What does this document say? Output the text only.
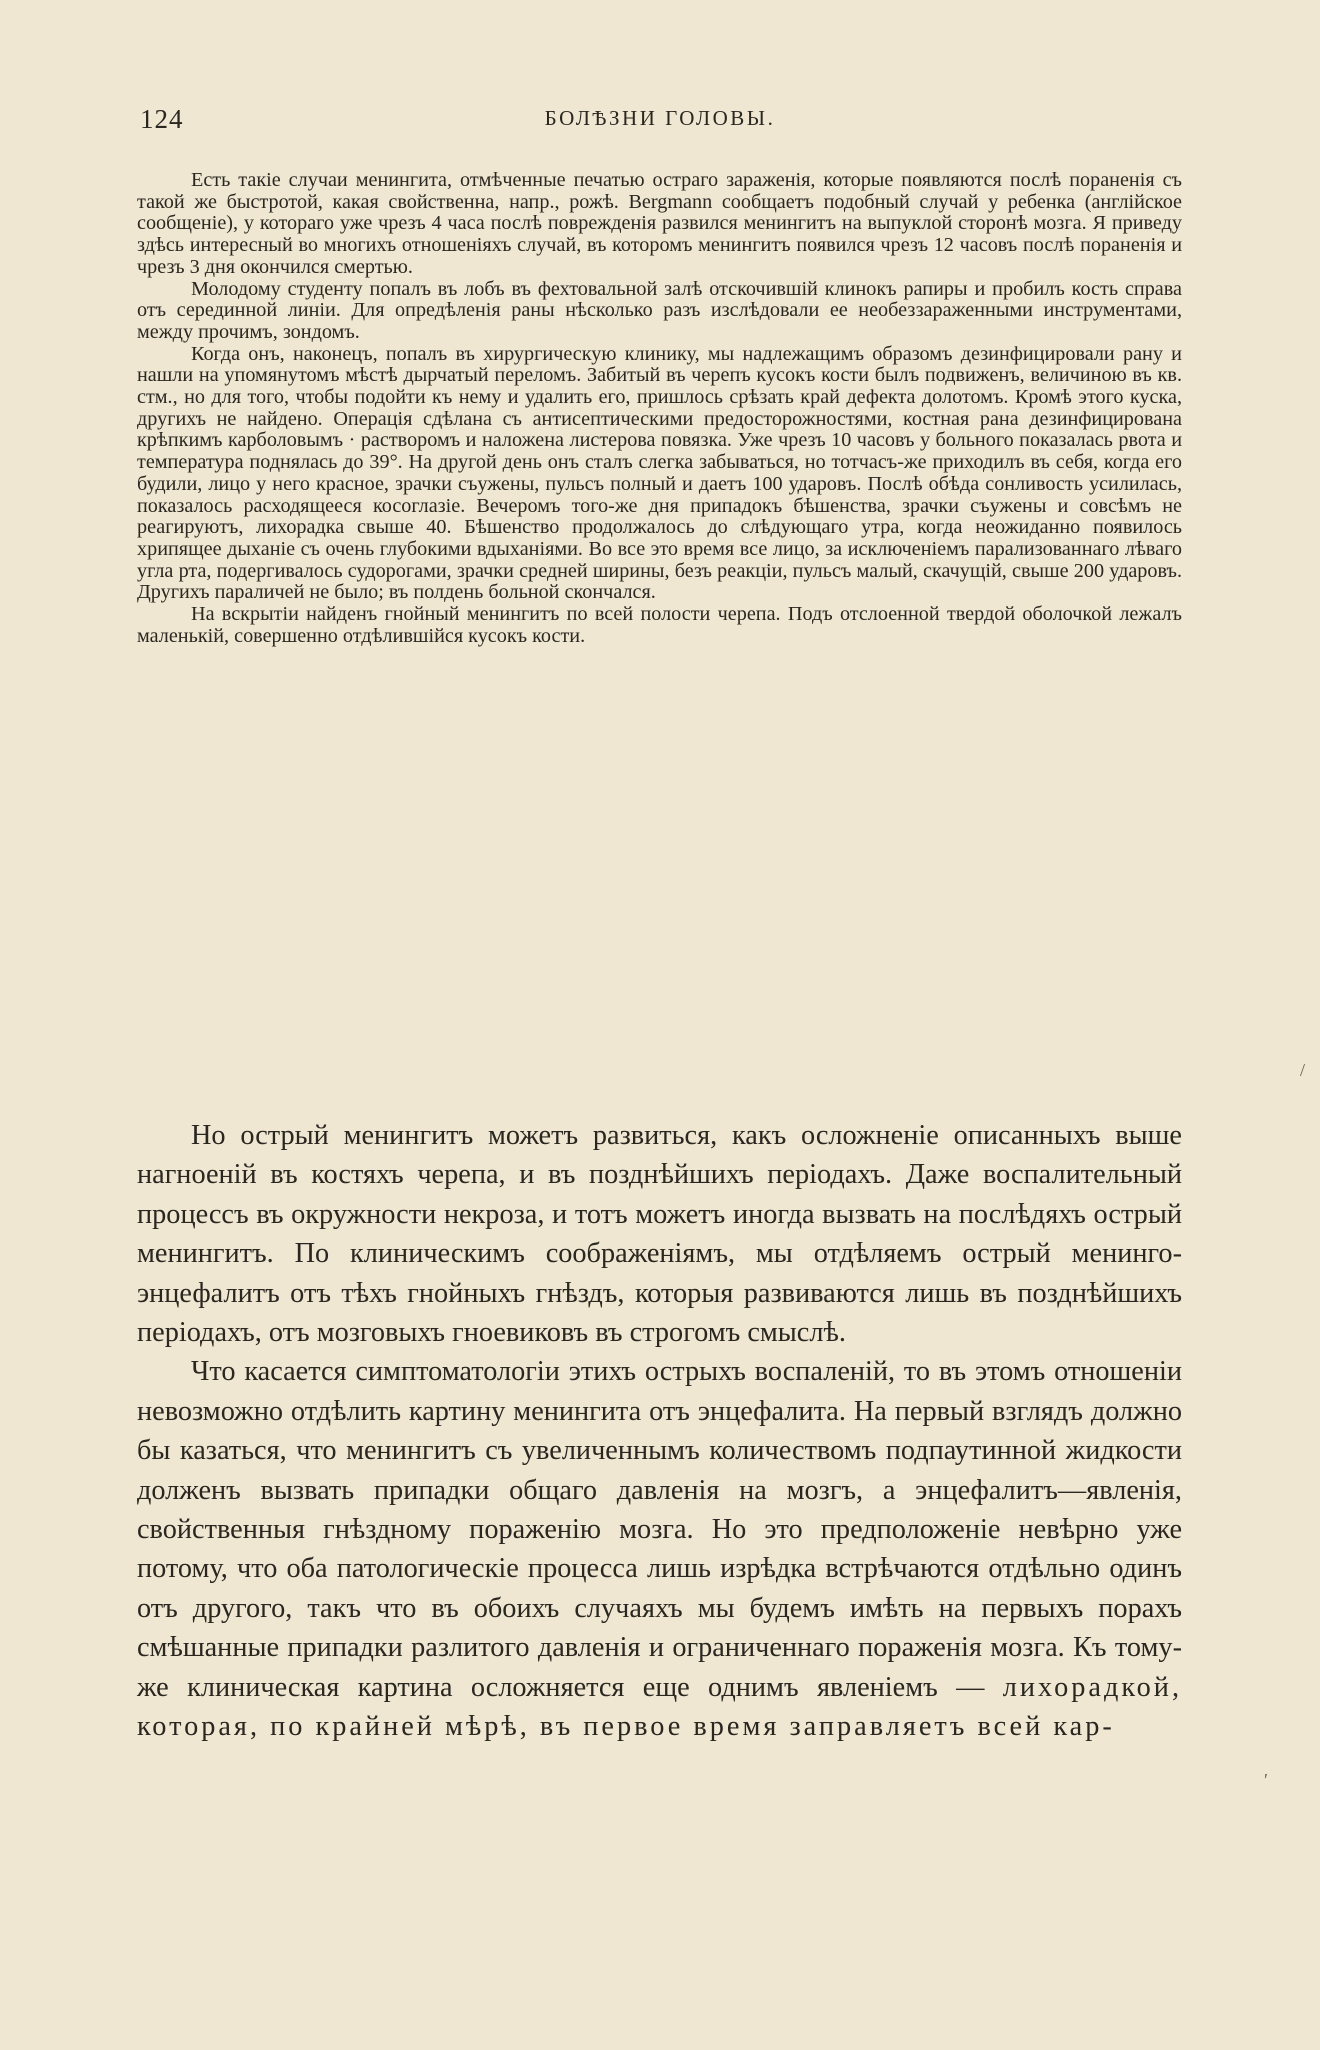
124	БОЛѢЗНИ ГОЛОВЫ.

Есть такіе случаи менингита, отмѣченные печатью остраго зараженія, которые появляются послѣ пораненія съ такой же быстротой, какая свойственна, напр., рожѣ. Bergmann сообщаетъ подобный случай у ребенка (англійское сообщеніе), у котораго уже чрезъ 4 часа послѣ поврежденія развился менингитъ на выпуклой сторонѣ мозга. Я приведу здѣсь интересный во многихъ отношеніяхъ случай, въ которомъ менингитъ появился чрезъ 12 часовъ послѣ пораненія и чрезъ 3 дня окончился смертью.

Молодому студенту попалъ въ лобъ въ фехтовальной залѣ отскочившій клинокъ рапиры и пробилъ кость справа отъ серединной линіи. Для опредѣленія раны нѣсколько разъ изслѣдовали ее необеззараженными инструментами, между прочимъ, зондомъ.

Когда онъ, наконецъ, попалъ въ хирургическую клинику, мы надлежащимъ образомъ дезинфицировали рану и нашли на упомянутомъ мѣстѣ дырчатый переломъ. Забитый въ черепъ кусокъ кости былъ подвиженъ, величиною въ кв. стм., но для того, чтобы подойти къ нему и удалить его, пришлось срѣзать край дефекта долотомъ. Кромѣ этого куска, другихъ не найдено. Операція сдѣлана съ антисептическими предосторожностями, костная рана дезинфицирована крѣпкимъ карболовымъ · растворомъ и наложена листерова повязка. Уже чрезъ 10 часовъ у больного показалась рвота и температура поднялась до 39°. На другой день онъ сталъ слегка забываться, но тотчасъ-же приходилъ въ себя, когда его будили, лицо у него красное, зрачки съужены, пульсъ полный и даетъ 100 ударовъ. Послѣ обѣда сонливость усилилась, показалось расходящееся косоглазіе. Вечеромъ того-же дня припадокъ бѣшенства, зрачки съужены и совсѣмъ не реагируютъ, лихорадка свыше 40. Бѣшенство продолжалось до слѣдующаго утра, когда неожиданно появилось хрипящее дыханіе съ очень глубокими вдыханіями. Во все это время все лицо, за исключеніемъ парализованнаго лѣваго угла рта, подергивалось судорогами, зрачки средней ширины, безъ реакціи, пульсъ малый, скачущій, свыше 200 ударовъ. Другихъ параличей не было; въ полдень больной скончался.

На вскрытіи найденъ гнойный менингитъ по всей полости черепа. Подъ отслоенной твердой оболочкой лежалъ маленькій, совершенно отдѣлившійся кусокъ кости.

Но острый менингитъ можетъ развиться, какъ осложненіе описанныхъ выше нагноеній въ костяхъ черепа, и въ позднѣйшихъ періодахъ. Даже воспалительный процессъ въ окружности некроза, и тотъ можетъ иногда вызвать на послѣдяхъ острый менингитъ. По клиническимъ соображеніямъ, мы отдѣляемъ острый менинго-энцефалитъ отъ тѣхъ гнойныхъ гнѣздъ, которыя развиваются лишь въ позднѣйшихъ періодахъ, отъ мозговыхъ гноевиковъ въ строгомъ смыслѣ.

Что касается симптоматологіи этихъ острыхъ воспаленій, то въ этомъ отношеніи невозможно отдѣлить картину менингита отъ энцефалита. На первый взглядъ должно бы казаться, что менингитъ съ увеличеннымъ количествомъ подпаутинной жидкости долженъ вызвать припадки общаго давленія на мозгъ, а энцефалитъ—явленія, свойственныя гнѣздному пораженію мозга. Но это предположеніе невѣрно уже потому, что оба патологическіе процесса лишь изрѣдка встрѣчаются отдѣльно одинъ отъ другого, такъ что въ обоихъ случаяхъ мы будемъ имѣть на первыхъ порахъ смѣшанные припадки разлитого давленія и ограниченнаго пораженія мозга. Къ тому-же клиническая картина осложняется еще однимъ явленіемъ — лихорадкой, которая, по крайней мѣрѣ, въ первое время заправляетъ всей кар-

/
′
